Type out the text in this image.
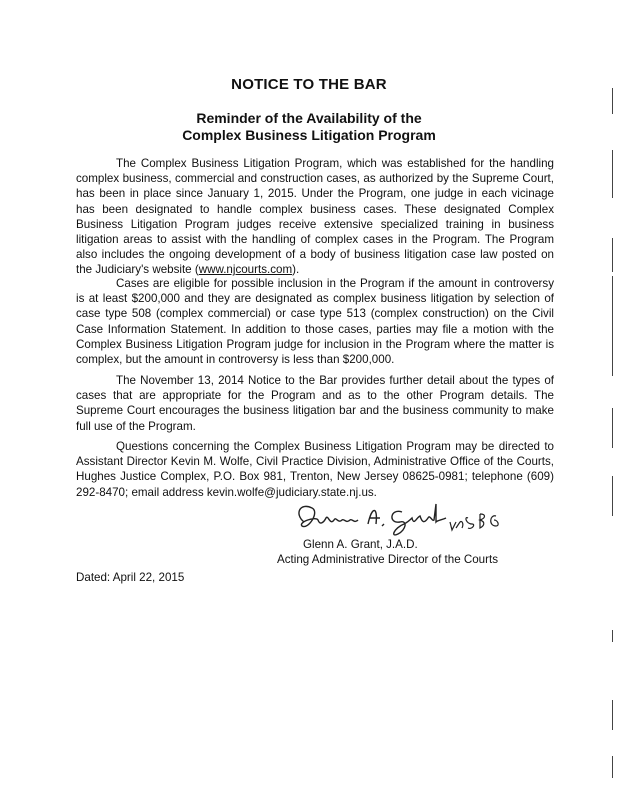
NOTICE TO THE BAR
Reminder of the Availability of the
Complex Business Litigation Program

The Complex Business Litigation Program, which was established for the handling complex business, commercial and construction cases, as authorized by the Supreme Court, has been in place since January 1, 2015. Under the Program, one judge in each vicinage has been designated to handle complex business cases. These designated Complex Business Litigation Program judges receive extensive specialized training in business litigation areas to assist with the handling of complex cases in the Program. The Program also includes the ongoing development of a body of business litigation case law posted on the Judiciary's website (www.njcourts.com).

Cases are eligible for possible inclusion in the Program if the amount in controversy is at least $200,000 and they are designated as complex business litigation by selection of case type 508 (complex commercial) or case type 513 (complex construction) on the Civil Case Information Statement. In addition to those cases, parties may file a motion with the Complex Business Litigation Program judge for inclusion in the Program where the matter is complex, but the amount in controversy is less than $200,000.

The November 13, 2014 Notice to the Bar provides further detail about the types of cases that are appropriate for the Program and as to the other Program details. The Supreme Court encourages the business litigation bar and the business community to make full use of the Program.

Questions concerning the Complex Business Litigation Program may be directed to Assistant Director Kevin M. Wolfe, Civil Practice Division, Administrative Office of the Courts, Hughes Justice Complex, P.O. Box 981, Trenton, New Jersey 08625-0981; telephone (609) 292-8470; email address kevin.wolfe@judiciary.state.nj.us.

Glenn A. Grant, J.A.D.
Acting Administrative Director of the Courts
Dated: April 22, 2015
